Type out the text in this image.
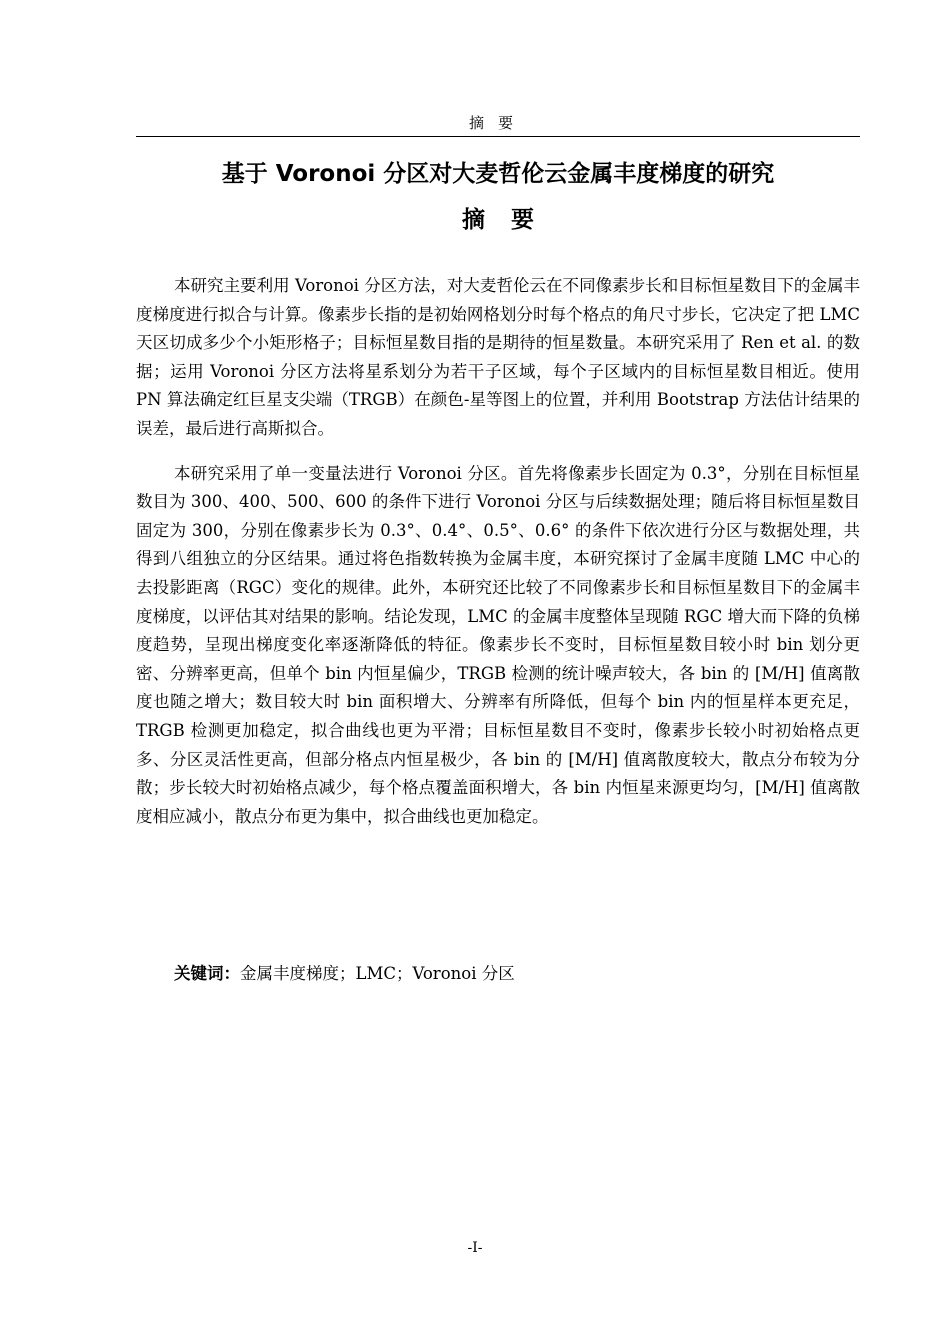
摘要
基于 Voronoi 分区对大麦哲伦云金属丰度梯度的研究
摘要

本研究主要利用 Voronoi 分区方法，对大麦哲伦云在不同像素步长和目标恒星数目下的金属丰度梯度进行拟合与计算。像素步长指的是初始网格划分时每个格点的角尺寸步长，它决定了把 LMC 天区切成多少个小矩形格子；目标恒星数目指的是期待的恒星数量。本研究采用了 Ren et al. 的数据；运用 Voronoi 分区方法将星系划分为若干子区域，每个子区域内的目标恒星数目相近。使用 PN 算法确定红巨星支尖端（TRGB）在颜色-星等图上的位置，并利用 Bootstrap 方法估计结果的误差，最后进行高斯拟合。

本研究采用了单一变量法进行 Voronoi 分区。首先将像素步长固定为 0.3°，分别在目标恒星数目为 300、400、500、600 的条件下进行 Voronoi 分区与后续数据处理；随后将目标恒星数目固定为 300，分别在像素步长为 0.3°、0.4°、0.5°、0.6° 的条件下依次进行分区与数据处理，共得到八组独立的分区结果。通过将色指数转换为金属丰度，本研究探讨了金属丰度随 LMC 中心的去投影距离（RGC）变化的规律。此外，本研究还比较了不同像素步长和目标恒星数目下的金属丰度梯度，以评估其对结果的影响。结论发现，LMC 的金属丰度整体呈现随 RGC 增大而下降的负梯度趋势，呈现出梯度变化率逐渐降低的特征。像素步长不变时，目标恒星数目较小时 bin 划分更密、分辨率更高，但单个 bin 内恒星偏少，TRGB 检测的统计噪声较大，各 bin 的 [M/H] 值离散度也随之增大；数目较大时 bin 面积增大、分辨率有所降低，但每个 bin 内的恒星样本更充足，TRGB 检测更加稳定，拟合曲线也更为平滑；目标恒星数目不变时，像素步长较小时初始格点更多、分区灵活性更高，但部分格点内恒星极少，各 bin 的 [M/H] 值离散度较大，散点分布较为分散；步长较大时初始格点减少，每个格点覆盖面积增大，各 bin 内恒星来源更均匀，[M/H] 值离散度相应减小，散点分布更为集中，拟合曲线也更加稳定。

关键词：金属丰度梯度；LMC；Voronoi 分区
-I-
